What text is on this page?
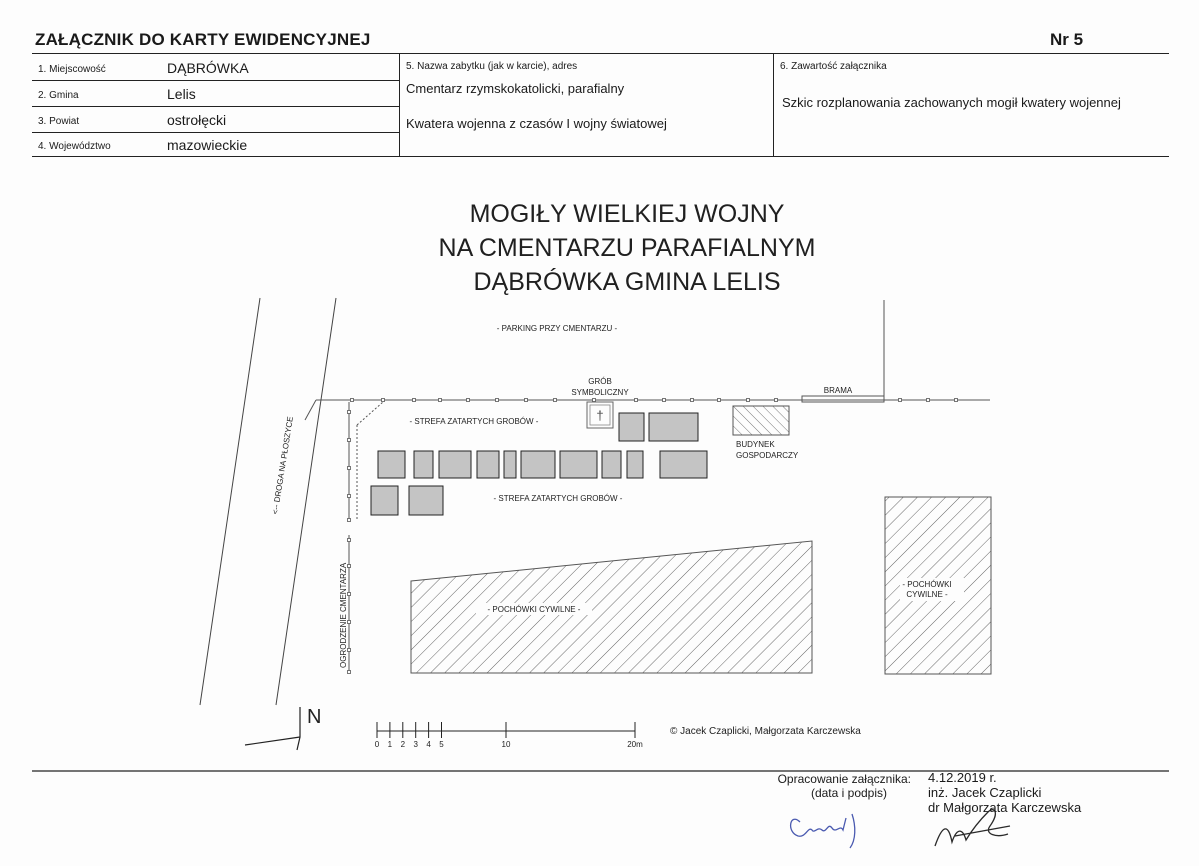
ZAŁĄCZNIK DO KARTY EWIDENCYJNEJ	Nr 5
1. Miejscowość	DĄBRÓWKA
2. Gmina	Lelis
3. Powiat	ostrołęcki
4. Województwo	mazowieckie
5. Nazwa zabytku (jak w karcie), adres
Cmentarz rzymskokatolicki, parafialny
Kwatera wojenna z czasów I wojny światowej
6. Zawartość załącznika
Szkic rozplanowania zachowanych mogił kwatery wojennej
MOGIŁY WIELKIEJ WOJNY
NA CMENTARZU PARAFIALNYM
DĄBRÓWKA GMINA LELIS
<-- DROGA NA PŁOSZYCE
OGRODZENIE CMENTARZA
BRAMA
- PARKING PRZY CMENTARZU -
GRÓB
SYMBOLICZNY
†
- STREFA ZATARTYCH GROBÓW -
- STREFA ZATARTYCH GROBÓW -
BUDYNEK
GOSPODARCZY
- POCHÓWKI CYWILNE -
- POCHÓWKI
CYWILNE -
N
0 1 2 3 4 5	10	20m
© Jacek Czaplicki, Małgorzata Karczewska
Opracowanie załącznika:
(data i podpis)
4.12.2019 r.
inż. Jacek Czaplicki
dr Małgorzata Karczewska
